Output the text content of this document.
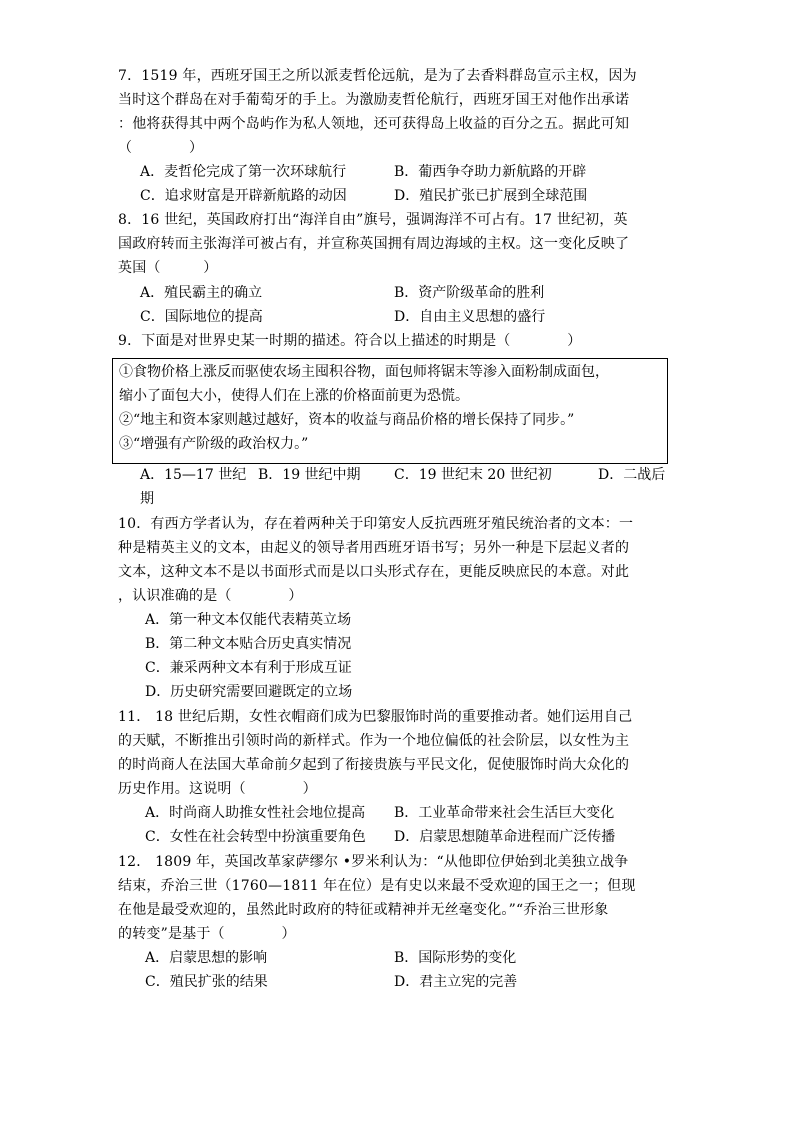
7．1519 年，西班牙国王之所以派麦哲伦远航，是为了去香料群岛宣示主权，因为
当时这个群岛在对手葡萄牙的手上。为激励麦哲伦航行，西班牙国王对他作出承诺
：他将获得其中两个岛屿作为私人领地，还可获得岛上收益的百分之五。据此可知
（　　　　）
A．麦哲伦完成了第一次环球航行	B．葡西争夺助力新航路的开辟
C．追求财富是开辟新航路的动因	D．殖民扩张已扩展到全球范围
8．16 世纪，英国政府打出“海洋自由”旗号，强调海洋不可占有。17 世纪初，英
国政府转而主张海洋可被占有，并宣称英国拥有周边海域的主权。这一变化反映了
英国（　　　）
A．殖民霸主的确立	B．资产阶级革命的胜利
C．国际地位的提高	D．自由主义思想的盛行
9．下面是对世界史某一时期的描述。符合以上描述的时期是（　　　　）
①食物价格上涨反而驱使农场主囤积谷物，面包师将锯末等渗入面粉制成面包，
缩小了面包大小，使得人们在上涨的价格面前更为恐慌。
②“地主和资本家则越过越好，资本的收益与商品价格的增长保持了同步。”
③“增强有产阶级的政治权力。”
A．15—17 世纪 B．19 世纪中期 C．19 世纪末 20 世纪初	D．二战后
期
10．有西方学者认为，存在着两种关于印第安人反抗西班牙殖民统治者的文本：一
种是精英主义的文本，由起义的领导者用西班牙语书写；另外一种是下层起义者的
文本，这种文本不是以书面形式而是以口头形式存在，更能反映庶民的本意。对此
，认识准确的是（　　　　）
A．第一种文本仅能代表精英立场
B．第二种文本贴合历史真实情况
C．兼采两种文本有利于形成互证
D．历史研究需要回避既定的立场
11． 18 世纪后期，女性衣帽商们成为巴黎服饰时尚的重要推动者。她们运用自己
的天赋，不断推出引领时尚的新样式。作为一个地位偏低的社会阶层，以女性为主
的时尚商人在法国大革命前夕起到了衔接贵族与平民文化，促使服饰时尚大众化的
历史作用。这说明（　　　　）
A．时尚商人助推女性社会地位提高 B．工业革命带来社会生活巨大变化
C．女性在社会转型中扮演重要角色 D．启蒙思想随革命进程而广泛传播
12． 1809 年，英国改革家萨缪尔 •罗米利认为：“从他即位伊始到北美独立战争
结束，乔治三世（1760—1811 年在位）是有史以来最不受欢迎的国王之一；但现
在他是最受欢迎的，虽然此时政府的特征或精神并无丝毫变化。”“乔治三世形象
的转变”是基于（　　　　）
A．启蒙思想的影响	B．国际形势的变化
C．殖民扩张的结果	D．君主立宪的完善
